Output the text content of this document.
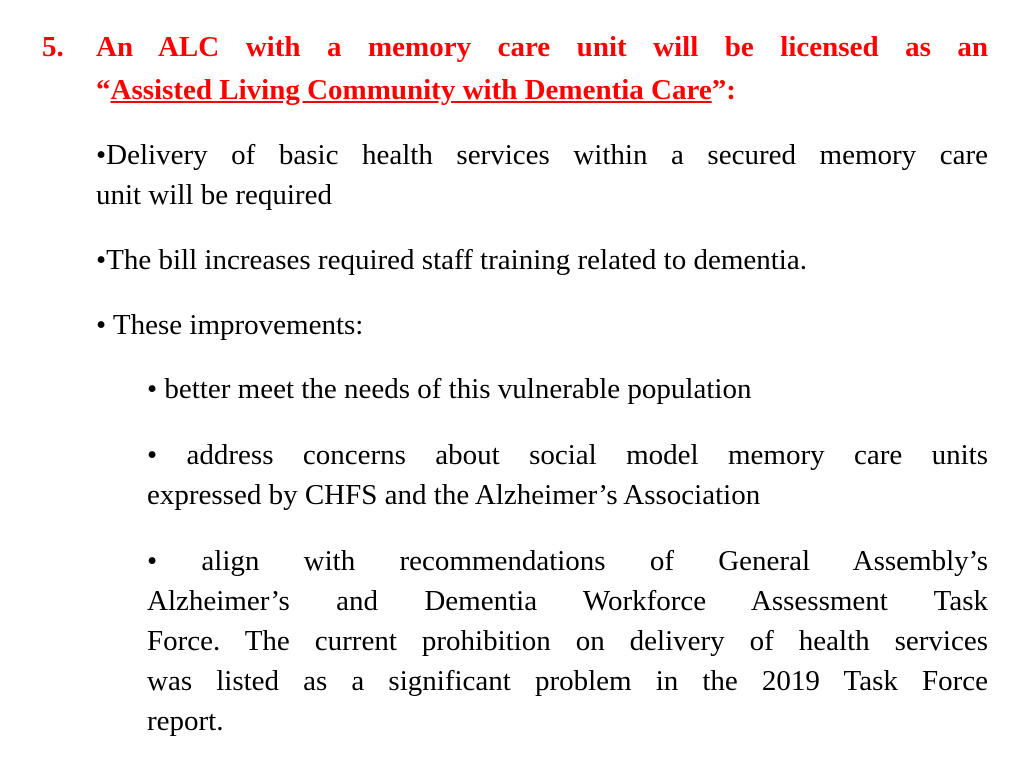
5. An ALC with a memory care unit will be licensed as an
“Assisted Living Community with Dementia Care”:
•Delivery of basic health services within a secured memory care
unit will be required
•The bill increases required staff training related to dementia.
• These improvements:
• better meet the needs of this vulnerable population
• address concerns about social model memory care units
expressed by CHFS and the Alzheimer’s Association
• align with recommendations of General Assembly’s
Alzheimer’s and Dementia Workforce Assessment Task
Force. The current prohibition on delivery of health services
was listed as a significant problem in the 2019 Task Force
report.
